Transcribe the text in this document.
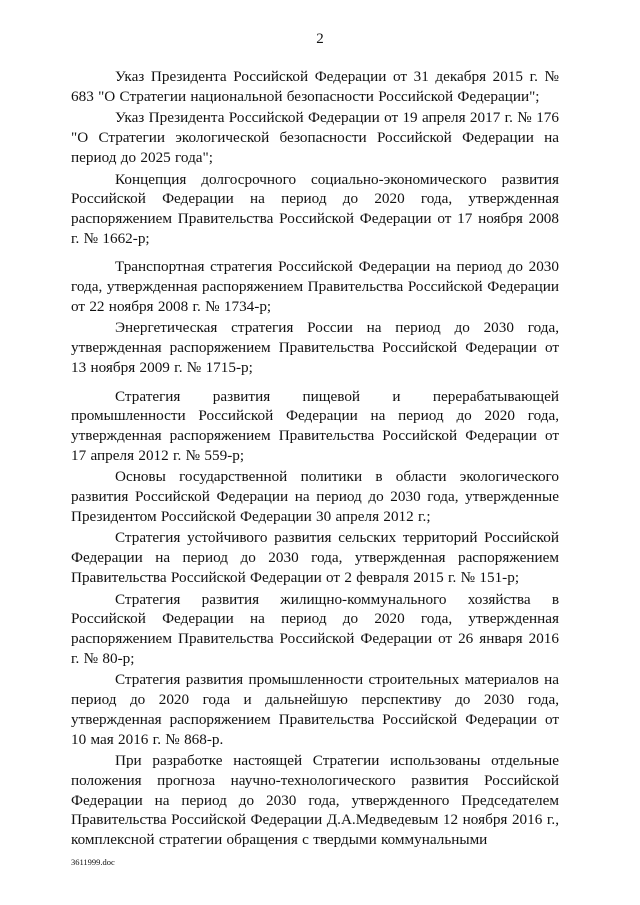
2

Указ Президента Российской Федерации от 31 декабря 2015 г. № 683 "О Стратегии национальной безопасности Российской Федерации";

Указ Президента Российской Федерации от 19 апреля 2017 г. № 176 "О Стратегии экологической безопасности Российской Федерации на период до 2025 года";

Концепция долгосрочного социально-экономического развития Российской Федерации на период до 2020 года, утвержденная распоряжением Правительства Российской Федерации от 17 ноября 2008 г. № 1662-р;

Транспортная стратегия Российской Федерации на период до 2030 года, утвержденная распоряжением Правительства Российской Федерации от 22 ноября 2008 г. № 1734-р;

Энергетическая стратегия России на период до 2030 года, утвержденная распоряжением Правительства Российской Федерации от 13 ноября 2009 г. № 1715-р;

Стратегия развития пищевой и перерабатывающей промышленности Российской Федерации на период до 2020 года, утвержденная распоряжением Правительства Российской Федерации от 17 апреля 2012 г. № 559-р;

Основы государственной политики в области экологического развития Российской Федерации на период до 2030 года, утвержденные Президентом Российской Федерации 30 апреля 2012 г.;

Стратегия устойчивого развития сельских территорий Российской Федерации на период до 2030 года, утвержденная распоряжением Правительства Российской Федерации от 2 февраля 2015 г. № 151-р;

Стратегия развития жилищно-коммунального хозяйства в Российской Федерации на период до 2020 года, утвержденная распоряжением Правительства Российской Федерации от 26 января 2016 г. № 80-р;

Стратегия развития промышленности строительных материалов на период до 2020 года и дальнейшую перспективу до 2030 года, утвержденная распоряжением Правительства Российской Федерации от 10 мая 2016 г. № 868-р.

При разработке настоящей Стратегии использованы отдельные положения прогноза научно-технологического развития Российской Федерации на период до 2030 года, утвержденного Председателем Правительства Российской Федерации Д.А.Медведевым 12 ноября 2016 г., комплексной стратегии обращения с твердыми коммунальными

3611999.doc
